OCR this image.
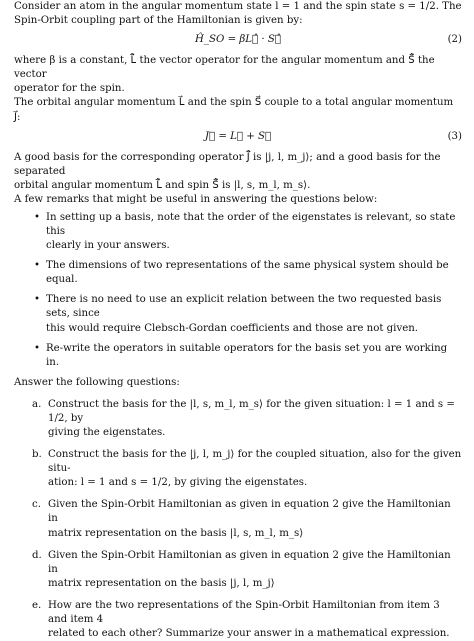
Consider an atom in the angular momentum state l = 1 and the spin state s = 1/2. The

Spin-Orbit coupling part of the Hamiltonian is given by:

Ĥ_SO = βL⃗̂ · S⃗̂	(2)

where β is a constant, L⃗̂ the vector operator for the angular momentum and S⃗̂ the vector

operator for the spin.

The orbital angular momentum L⃗ and the spin S⃗ couple to a total angular momentum J⃗:

J⃗ = L⃗ + S⃗	(3)

A good basis for the corresponding operator J⃗̂ is |j, l, m_j⟩; and a good basis for the separated

orbital angular momentum L⃗̂ and spin S⃗̂ is |l, s, m_l, m_s⟩.

A few remarks that might be useful in answering the questions below:

• In setting up a basis, note that the order of the eigenstates is relevant, so state this
clearly in your answers.
• The dimensions of two representations of the same physical system should be equal.
• There is no need to use an explicit relation between the two requested basis sets, since
this would require Clebsch-Gordan coefficients and those are not given.
• Re-write the operators in suitable operators for the basis set you are working in.

Answer the following questions:

a. Construct the basis for the |l, s, m_l, m_s⟩ for the given situation: l = 1 and s = 1/2, by
giving the eigenstates.
b. Construct the basis for the |j, l, m_j⟩ for the coupled situation, also for the given situ-
ation: l = 1 and s = 1/2, by giving the eigenstates.
c. Given the Spin-Orbit Hamiltonian as given in equation 2 give the Hamiltonian in
matrix representation on the basis |l, s, m_l, m_s⟩
d. Given the Spin-Orbit Hamiltonian as given in equation 2 give the Hamiltonian in
matrix representation on the basis |j, l, m_j⟩
e. How are the two representations of the Spin-Orbit Hamiltonian from item 3 and item 4
related to each other? Summarize your answer in a mathematical expression.
